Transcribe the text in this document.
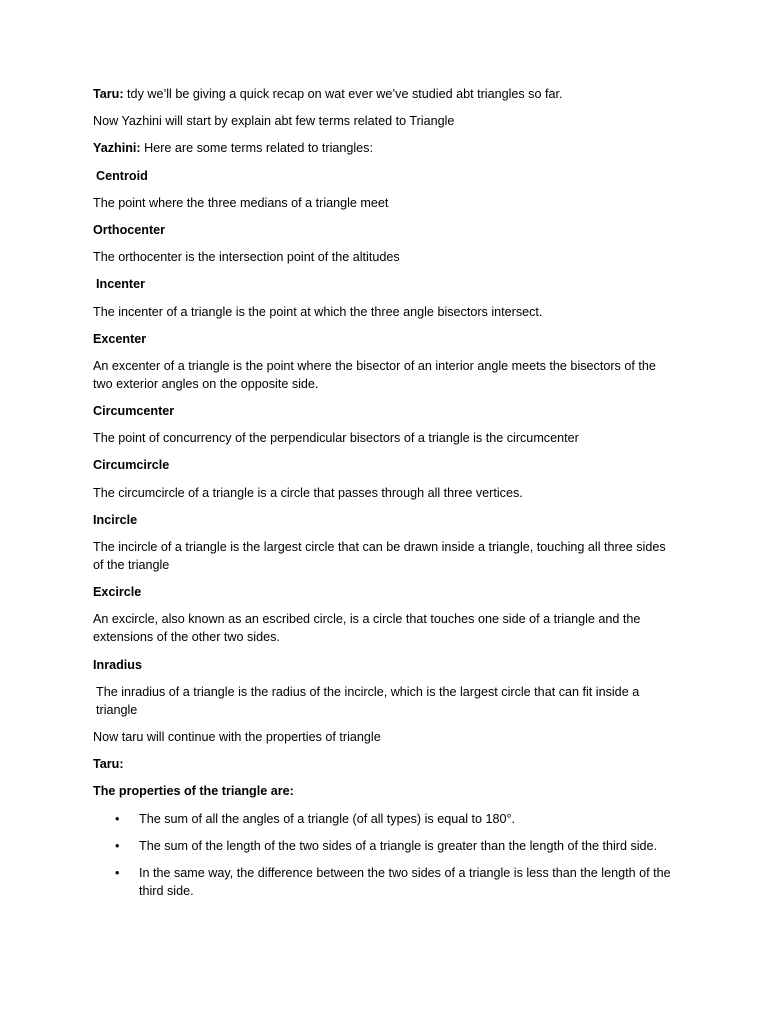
Taru: tdy we’ll be giving a quick recap on wat ever we’ve studied abt triangles so far.

Now Yazhini will start by explain abt few terms related to Triangle

Yazhini: Here are some terms related to triangles:

Centroid

The point where the three medians of a triangle meet

Orthocenter

The orthocenter is the intersection point of the altitudes

Incenter

The incenter of a triangle is the point at which the three angle bisectors intersect.

Excenter

An excenter of a triangle is the point where the bisector of an interior angle meets the bisectors of the two exterior angles on the opposite side.

Circumcenter

The point of concurrency of the perpendicular bisectors of a triangle is the circumcenter

Circumcircle

The circumcircle of a triangle is a circle that passes through all three vertices.

Incircle

The incircle of a triangle is the largest circle that can be drawn inside a triangle, touching all three sides of the triangle

Excircle

An excircle, also known as an escribed circle, is a circle that touches one side of a triangle and the extensions of the other two sides.

Inradius

The inradius of a triangle is the radius of the incircle, which is the largest circle that can fit inside a triangle

Now taru will continue with the properties of triangle

Taru:

The properties of the triangle are:

• The sum of all the angles of a triangle (of all types) is equal to 180°.
• The sum of the length of the two sides of a triangle is greater than the length of the third side.
• In the same way, the difference between the two sides of a triangle is less than the length of the third side.
